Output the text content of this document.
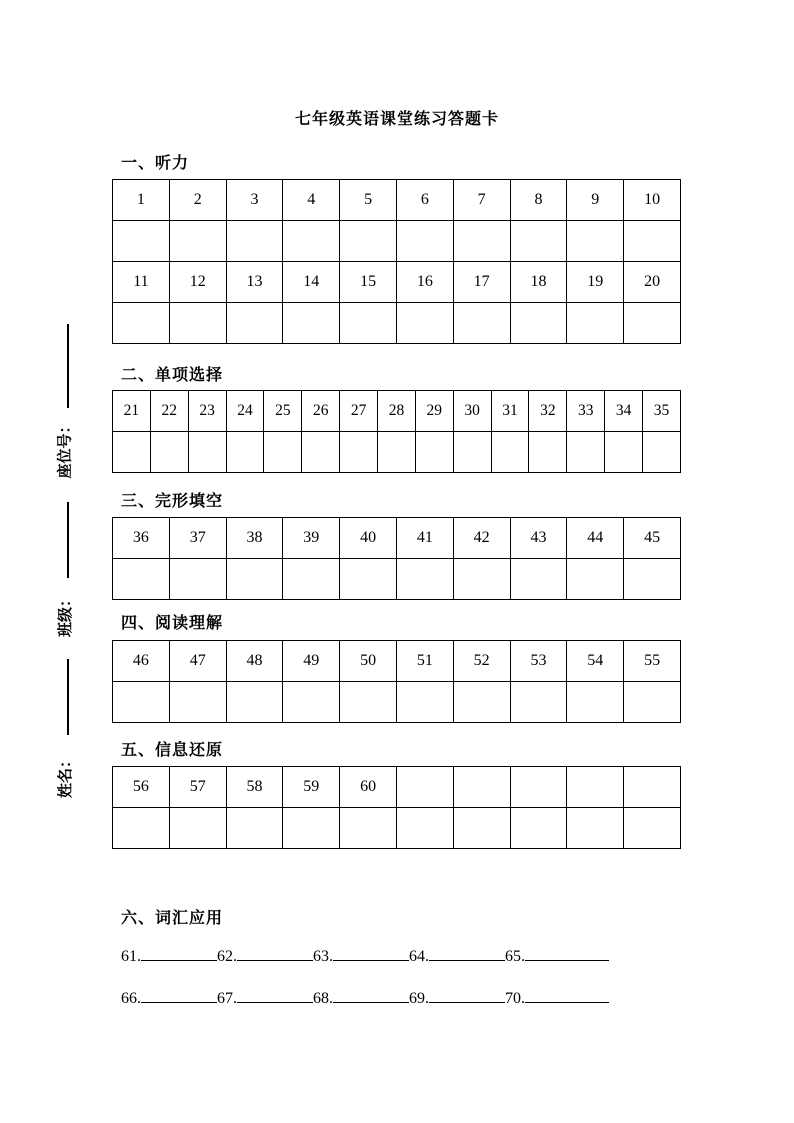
七年级英语课堂练习答题卡
座位号：
班级：
姓名：
一、听力
1	2	3	4	5	6	7	8	9	10

11	12	13	14	15	16	17	18	19	20

二、单项选择
21	22	23	24	25	26	27	28	29	30	31	32	33	34	35

三、完形填空
36	37	38	39	40	41	42	43	44	45

四、阅读理解
46	47	48	49	50	51	52	53	54	55

五、信息还原
56	57	58	59	60					

六、词汇应用
61.	62.	63.	64.	65.
66.	67.	68.	69.	70.
